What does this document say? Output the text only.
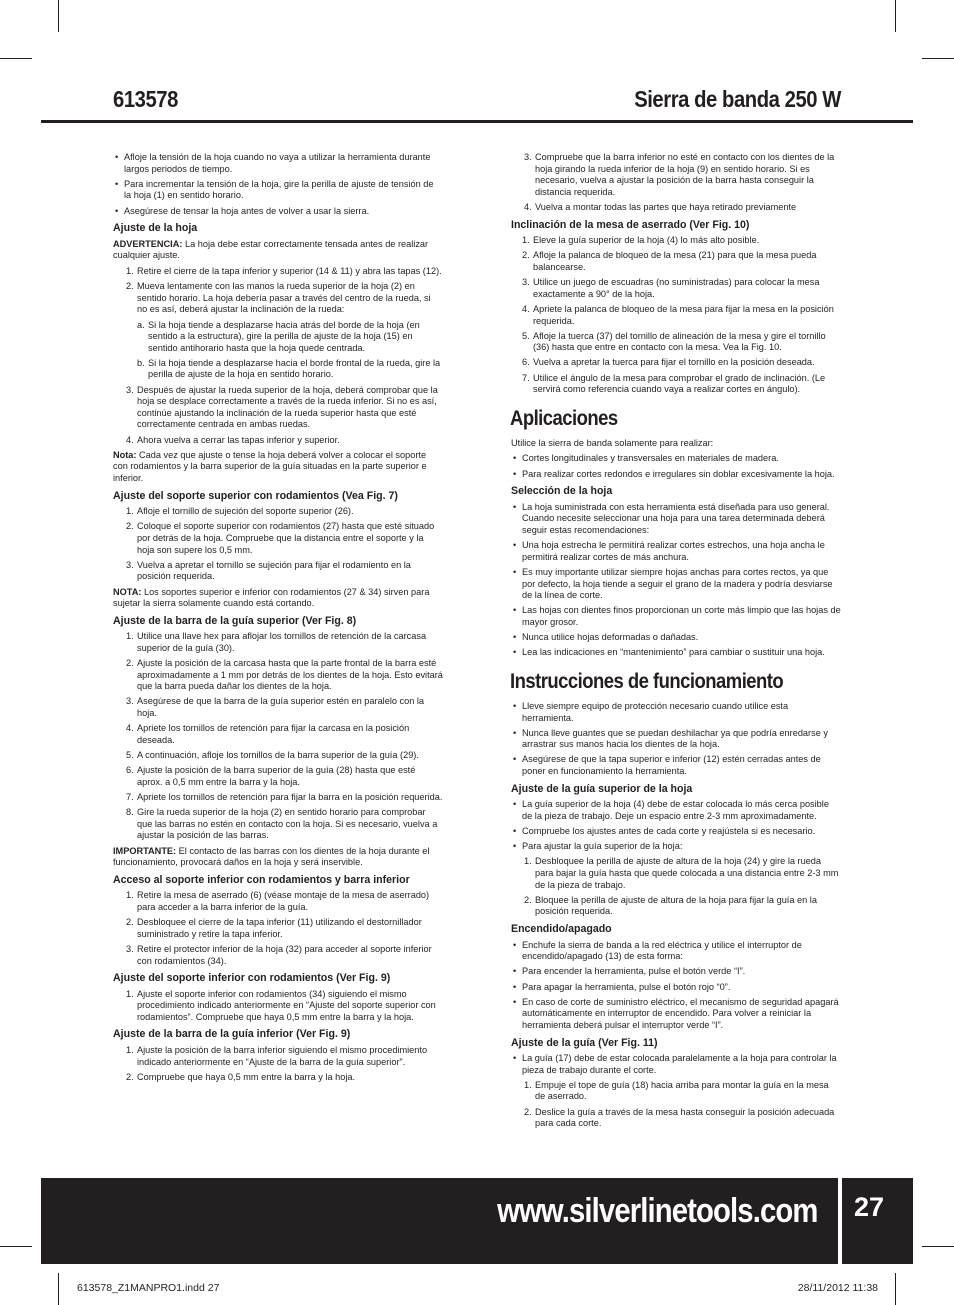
613578	Sierra de banda 250 W
• Afloje la tensión de la hoja cuando no vaya a utilizar la herramienta durante largos periodos de tiempo.
• Para incrementar la tensión de la hoja, gire la perilla de ajuste de tensión de la hoja (1) en sentido horario.
• Asegúrese de tensar la hoja antes de volver a usar la sierra.
Ajuste de la hoja
ADVERTENCIA: La hoja debe estar correctamente tensada antes de realizar cualquier ajuste.
1. Retire el cierre de la tapa inferior y superior (14 & 11) y abra las tapas (12).
2. Mueva lentamente con las manos la rueda superior de la hoja (2) en sentido horario. La hoja debería pasar a través del centro de la rueda, si no es así, deberá ajustar la inclinación de la rueda:
a. Si la hoja tiende a desplazarse hacia atrás del borde de la hoja (en sentido a la estructura), gire la perilla de ajuste de la hoja (15) en sentido antihorario hasta que la hoja quede centrada.
b. Si la hoja tiende a desplazarse hacia el borde frontal de la rueda, gire la perilla de ajuste de la hoja en sentido horario.
3. Después de ajustar la rueda superior de la hoja, deberá comprobar que la hoja se desplace correctamente a través de la rueda inferior. Si no es así, continúe ajustando la inclinación de la rueda superior hasta que esté correctamente centrada en ambas ruedas.
4. Ahora vuelva a cerrar las tapas inferior y superior.
Nota: Cada vez que ajuste o tense la hoja deberá volver a colocar el soporte con rodamientos y la barra superior de la guía situadas en la parte superior e inferior.
Ajuste del soporte superior con rodamientos (Vea Fig. 7)
1. Afloje el tornillo de sujeción del soporte superior (26).
2. Coloque el soporte superior con rodamientos (27) hasta que esté situado por detrás de la hoja. Compruebe que la distancia entre el soporte y la hoja son supere los 0,5 mm.
3. Vuelva a apretar el tornillo se sujeción para fijar el rodamiento en la posición requerida.
NOTA: Los soportes superior e inferior con rodamientos (27 & 34) sirven para sujetar la sierra solamente cuando está cortando.
Ajuste de la barra de la guía superior (Ver Fig. 8)
1. Utilice una llave hex para aflojar los tornillos de retención de la carcasa superior de la guía (30).
2. Ajuste la posición de la carcasa hasta que la parte frontal de la barra esté aproximadamente a 1 mm por detrás de los dientes de la hoja. Esto evitará que la barra pueda dañar los dientes de la hoja.
3. Asegúrese de que la barra de la guía superior estén en paralelo con la hoja.
4. Apriete los tornillos de retención para fijar la carcasa en la posición deseada.
5. A continuación, afloje los tornillos de la barra superior de la guía (29).
6. Ajuste la posición de la barra superior de la guía (28) hasta que esté aprox. a 0,5 mm entre la barra y la hoja.
7. Apriete los tornillos de retención para fijar la barra en la posición requerida.
8. Gire la rueda superior de la hoja (2) en sentido horario para comprobar que las barras no estén en contacto con la hoja. Si es necesario, vuelva a ajustar la posición de las barras.
IMPORTANTE: El contacto de las barras con los dientes de la hoja durante el funcionamiento, provocará daños en la hoja y será inservible.
Acceso al soporte inferior con rodamientos y barra inferior
1. Retire la mesa de aserrado (6) (véase montaje de la mesa de aserrado) para acceder a la barra inferior de la guía.
2. Desbloquee el cierre de la tapa inferior (11) utilizando el destornillador suministrado y retire la tapa inferior.
3. Retire el protector inferior de la hoja (32) para acceder al soporte inferior con rodamientos (34).
Ajuste del soporte inferior con rodamientos (Ver Fig. 9)
1. Ajuste el soporte inferior con rodamientos (34) siguiendo el mismo procedimiento indicado anteriormente en “Ajuste del soporte superior con rodamientos”. Compruebe que haya 0,5 mm entre la barra y la hoja.
Ajuste de la barra de la guía inferior (Ver Fig. 9)
1. Ajuste la posición de la barra inferior siguiendo el mismo procedimiento indicado anteriormente en “Ajuste de la barra de la guía superior”.
2. Compruebe que haya 0,5 mm entre la barra y la hoja.
3. Compruebe que la barra inferior no esté en contacto con los dientes de la hoja girando la rueda inferior de la hoja (9) en sentido horario. Si es necesario, vuelva a ajustar la posición de la barra hasta conseguir la distancia requerida.
4. Vuelva a montar todas las partes que haya retirado previamente
Inclinación de la mesa de aserrado (Ver Fig. 10)
1. Eleve la guía superior de la hoja (4) lo más alto posible.
2. Afloje la palanca de bloqueo de la mesa (21) para que la mesa pueda balancearse.
3. Utilice un juego de escuadras (no suministradas) para colocar la mesa exactamente a 90° de la hoja.
4. Apriete la palanca de bloqueo de la mesa para fijar la mesa en la posición requerida.
5. Afloje la tuerca (37) del tornillo de alineación de la mesa y gire el tornillo (36) hasta que entre en contacto con la mesa. Vea la Fig. 10.
6. Vuelva a apretar la tuerca para fijar el tornillo en la posición deseada.
7. Utilice el ángulo de la mesa para comprobar el grado de inclinación. (Le servirá como referencia cuando vaya a realizar cortes en ángulo).
Aplicaciones
Utilice la sierra de banda solamente para realizar:
• Cortes longitudinales y transversales en materiales de madera.
• Para realizar cortes redondos e irregulares sin doblar excesivamente la hoja.
Selección de la hoja
• La hoja suministrada con esta herramienta está diseñada para uso general. Cuando necesite seleccionar una hoja para una tarea determinada deberá seguir estas recomendaciones:
• Una hoja estrecha le permitirá realizar cortes estrechos, una hoja ancha le permitirá realizar cortes de más anchura.
• Es muy importante utilizar siempre hojas anchas para cortes rectos, ya que por defecto, la hoja tiende a seguir el grano de la madera y podría desviarse de la línea de corte.
• Las hojas con dientes finos proporcionan un corte más limpio que las hojas de mayor grosor.
• Nunca utilice hojas deformadas o dañadas.
• Lea las indicaciones en “mantenimiento” para cambiar o sustituir una hoja.
Instrucciones de funcionamiento
• Lleve siempre equipo de protección necesario cuando utilice esta herramienta.
• Nunca lleve guantes que se puedan deshilachar ya que podría enredarse y arrastrar sus manos hacia los dientes de la hoja.
• Asegúrese de que la tapa superior e inferior (12) estén cerradas antes de poner en funcionamiento la herramienta.
Ajuste de la guía superior de la hoja
• La guía superior de la hoja (4) debe de estar colocada lo más cerca posible de la pieza de trabajo. Deje un espacio entre 2-3 mm aproximadamente.
• Compruebe los ajustes antes de cada corte y reajústela si es necesario.
• Para ajustar la guía superior de la hoja:
1. Desbloquee la perilla de ajuste de altura de la hoja (24) y gire la rueda para bajar la guía hasta que quede colocada a una distancia entre 2-3 mm de la pieza de trabajo.
2. Bloquee la perilla de ajuste de altura de la hoja para fijar la guía en la posición requerida.
Encendido/apagado
• Enchufe la sierra de banda a la red eléctrica y utilice el interruptor de encendido/apagado (13) de esta forma:
• Para encender la herramienta, pulse el botón verde “I”.
• Para apagar la herramienta, pulse el botón rojo “0”.
• En caso de corte de suministro eléctrico, el mecanismo de seguridad apagará automáticamente en interruptor de encendido. Para volver a reiniciar la herramienta deberá pulsar el interruptor verde “I”.
Ajuste de la guía (Ver Fig. 11)
• La guía (17) debe de estar colocada paralelamente a la hoja para controlar la pieza de trabajo durante el corte.
1. Empuje el tope de guía (18) hacia arriba para montar la guía en la mesa de aserrado.
2. Deslice la guía a través de la mesa hasta conseguir la posición adecuada para cada corte.
www.silverlinetools.com	27
613578_Z1MANPRO1.indd 27	28/11/2012 11:38
